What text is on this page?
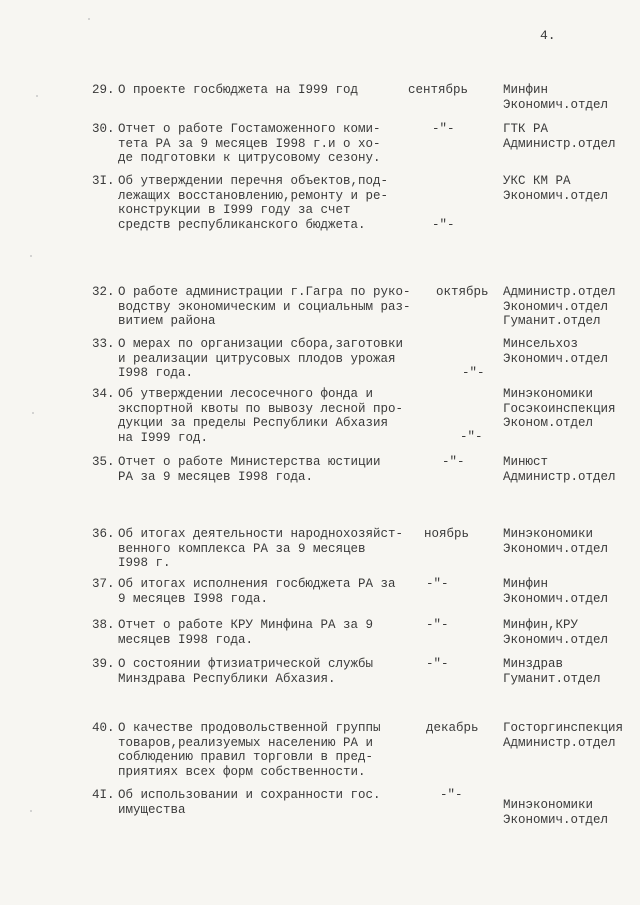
4.
29. О проекте госбюджета на I999 год	сентябрь	Минфин
Экономич.отдел
30. Отчет о работе Гостаможенного коми-
тета РА за 9 месяцев I998 г.и о хо-
де подготовки к цитрусовому сезону.
-"-	ГТК РА
Администр.отдел
3I. Об утверждении перечня объектов,под-
лежащих восстановлению,ремонту и ре-
конструкции в I999 году за счет
средств республиканского бюджета.	-"-
УКС КМ РА
Экономич.отдел
32. О работе администрации г.Гагра по руко-
водству экономическим и социальным раз-
витием района
октябрь Администр.отдел
Экономич.отдел
Гуманит.отдел
33. О мерах по организации сбора,заготовки
и реализации цитрусовых плодов урожая
I998 года.	-"-
Минсельхоз
Экономич.отдел
34. Об утверждении лесосечного фонда и
экспортной квоты по вывозу лесной про-
дукции за пределы Республики Абхазия
на I999 год.	-"-
Минэкономики
Госэкоинспекция
Эконом.отдел
35. Отчет о работе Министерства юстиции
РА за 9 месяцев I998 года.
-"-	Минюст
Администр.отдел
36. Об итогах деятельности народнохозяйст-
венного комплекса РА за 9 месяцев
I998 г.
ноябрь	Минэкономики
Экономич.отдел
37. Об итогах исполнения госбюджета РА за
9 месяцев I998 года.
-"-	Минфин
Экономич.отдел
38. Отчет о работе КРУ Минфина РА за 9
месяцев I998 года.
-"-	Минфин,КРУ
Экономич.отдел
39. О состоянии фтизиатрической службы
Минздрава Республики Абхазия.
-"-	Минздрав
Гуманит.отдел
40. О качестве продовольственной группы
товаров,реализуемых населению РА и
соблюдению правил торговли в пред-
приятиях всех форм собственности.
декабрь Госторгинспекция
Администр.отдел
4I. Об использовании и сохранности гос.
имущества
-"-
Минэкономики
Экономич.отдел
